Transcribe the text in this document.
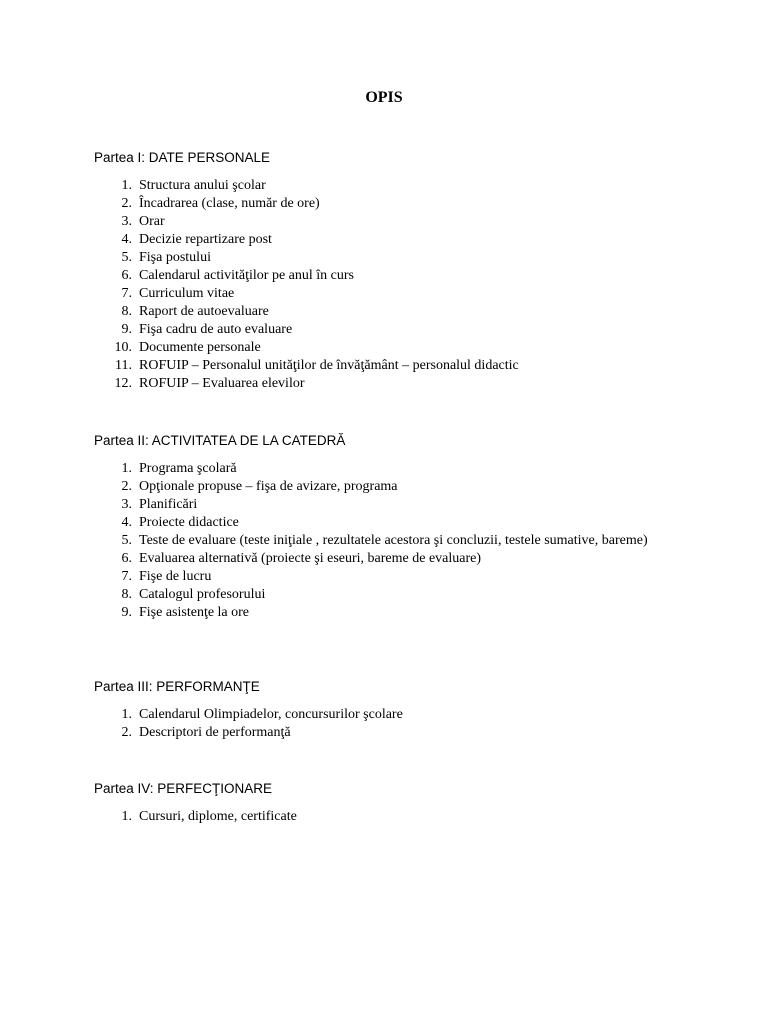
OPIS

Partea I: DATE PERSONALE

1 . Structura anului şcolar
2 . Încadrarea (clase, număr de ore)
3 . Orar
4 . Decizie repartizare post
5 . Fişa postului
6 . Calendarul activităţilor pe anul în curs
7 . Curriculum vitae
8 . Raport de autoevaluare
9 . Fişa cadru de auto evaluare
10 . Documente personale
11 . ROFUIP – Personalul unităţilor de învăţământ – personalul didactic
12 . ROFUIP – Evaluarea elevilor

Partea II: ACTIVITATEA DE LA CATEDRĂ

1 . Programa şcolară
2 . Opţionale propuse – fişa de avizare, programa
3 . Planificări
4 . Proiecte didactice
5 . Teste de evaluare (teste iniţiale , rezultatele acestora şi concluzii, testele sumative, bareme)
6 . Evaluarea alternativă (proiecte şi eseuri, bareme de evaluare)
7 . Fişe de lucru
8 . Catalogul profesorului
9 . Fişe asistenţe la ore

Partea III: PERFORMANŢE

1 . Calendarul Olimpiadelor, concursurilor şcolare
2 . Descriptori de performanţă

Partea IV: PERFECŢIONARE

1 . Cursuri, diplome, certificate
